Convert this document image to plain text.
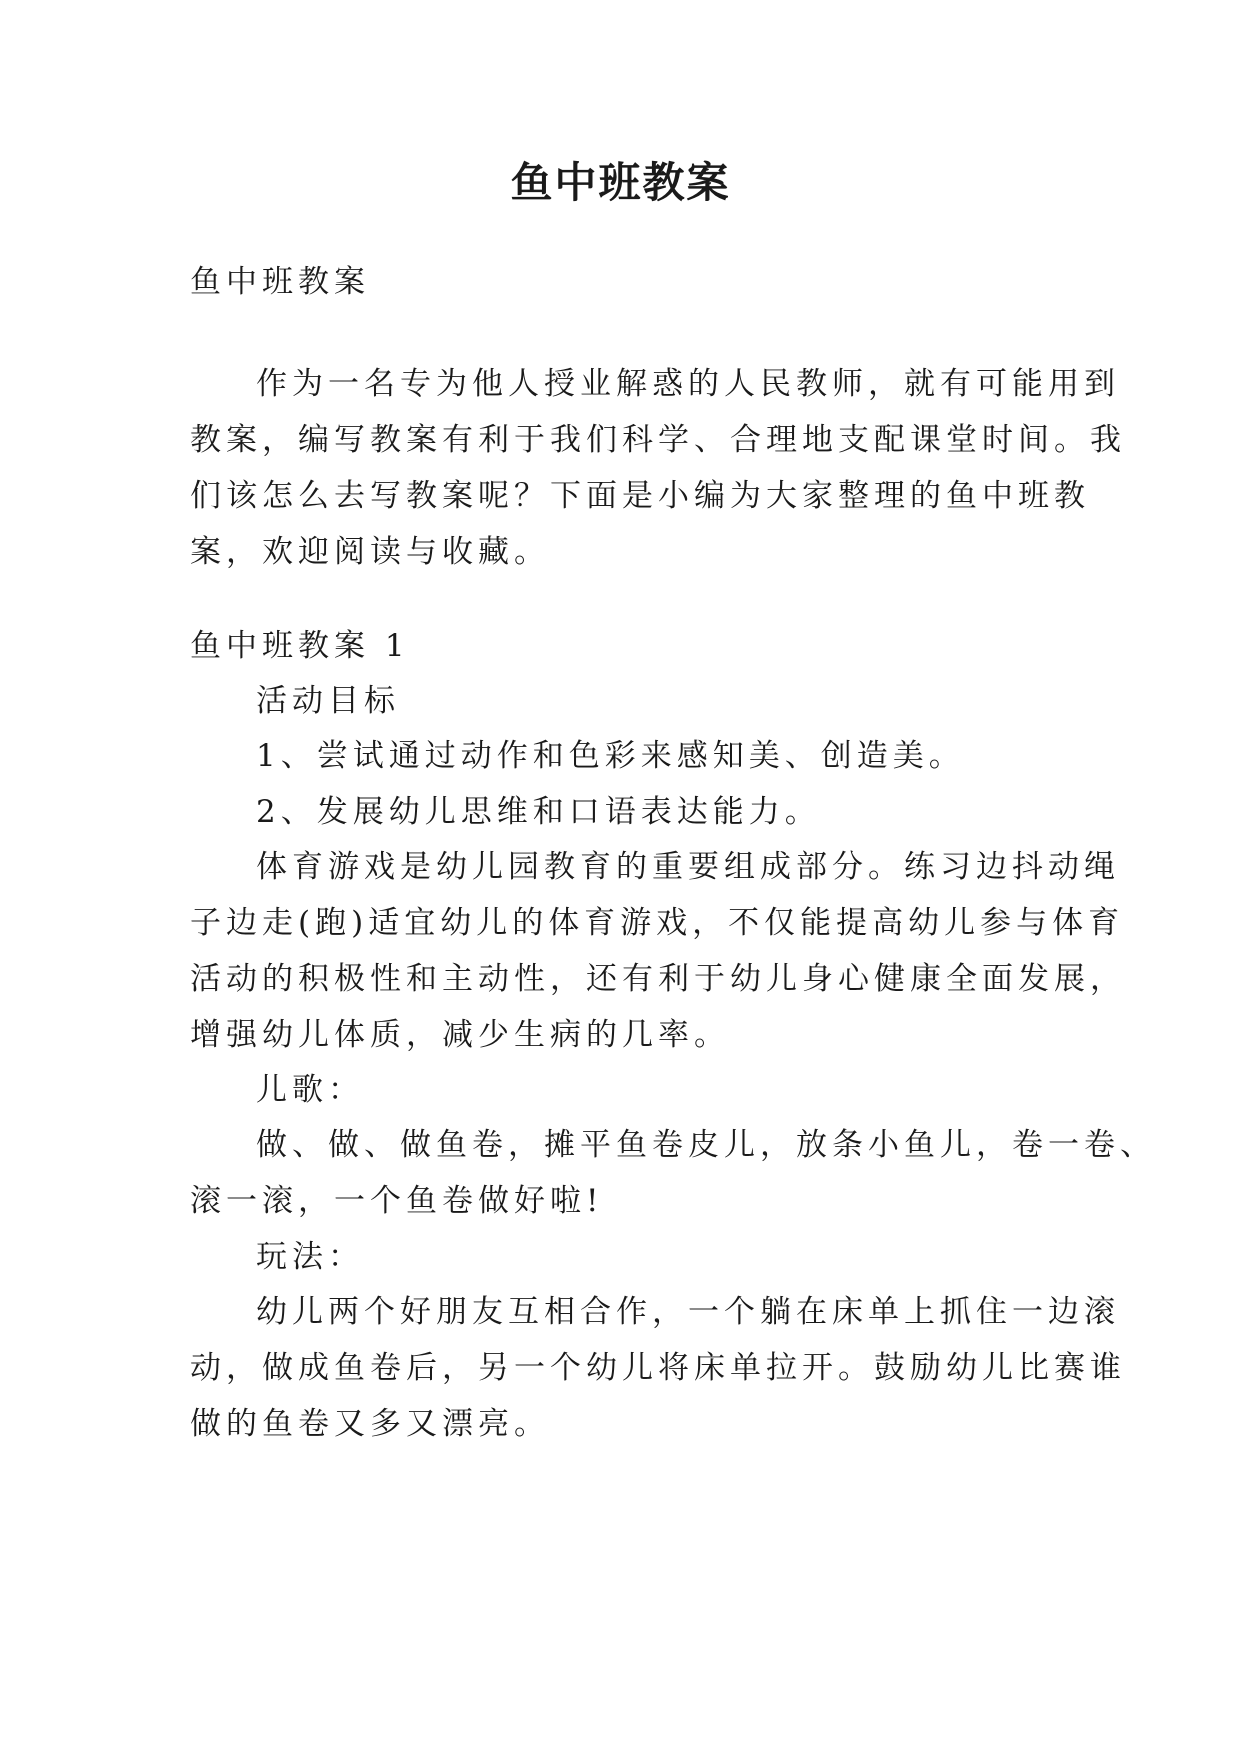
鱼中班教案
鱼中班教案
作为一名专为他人授业解惑的人民教师，就有可能用到
教案，编写教案有利于我们科学、合理地支配课堂时间。我
们该怎么去写教案呢？下面是小编为大家整理的鱼中班教
案，欢迎阅读与收藏。
鱼中班教案 1
活动目标
1、尝试通过动作和色彩来感知美、创造美。
2、发展幼儿思维和口语表达能力。
体育游戏是幼儿园教育的重要组成部分。练习边抖动绳
子边走(跑)适宜幼儿的体育游戏，不仅能提高幼儿参与体育
活动的积极性和主动性，还有利于幼儿身心健康全面发展，
增强幼儿体质，减少生病的几率。
儿歌：
做、做、做鱼卷，摊平鱼卷皮儿，放条小鱼儿，卷一卷、
滚一滚，一个鱼卷做好啦!
玩法：
幼儿两个好朋友互相合作，一个躺在床单上抓住一边滚
动，做成鱼卷后，另一个幼儿将床单拉开。鼓励幼儿比赛谁
做的鱼卷又多又漂亮。
